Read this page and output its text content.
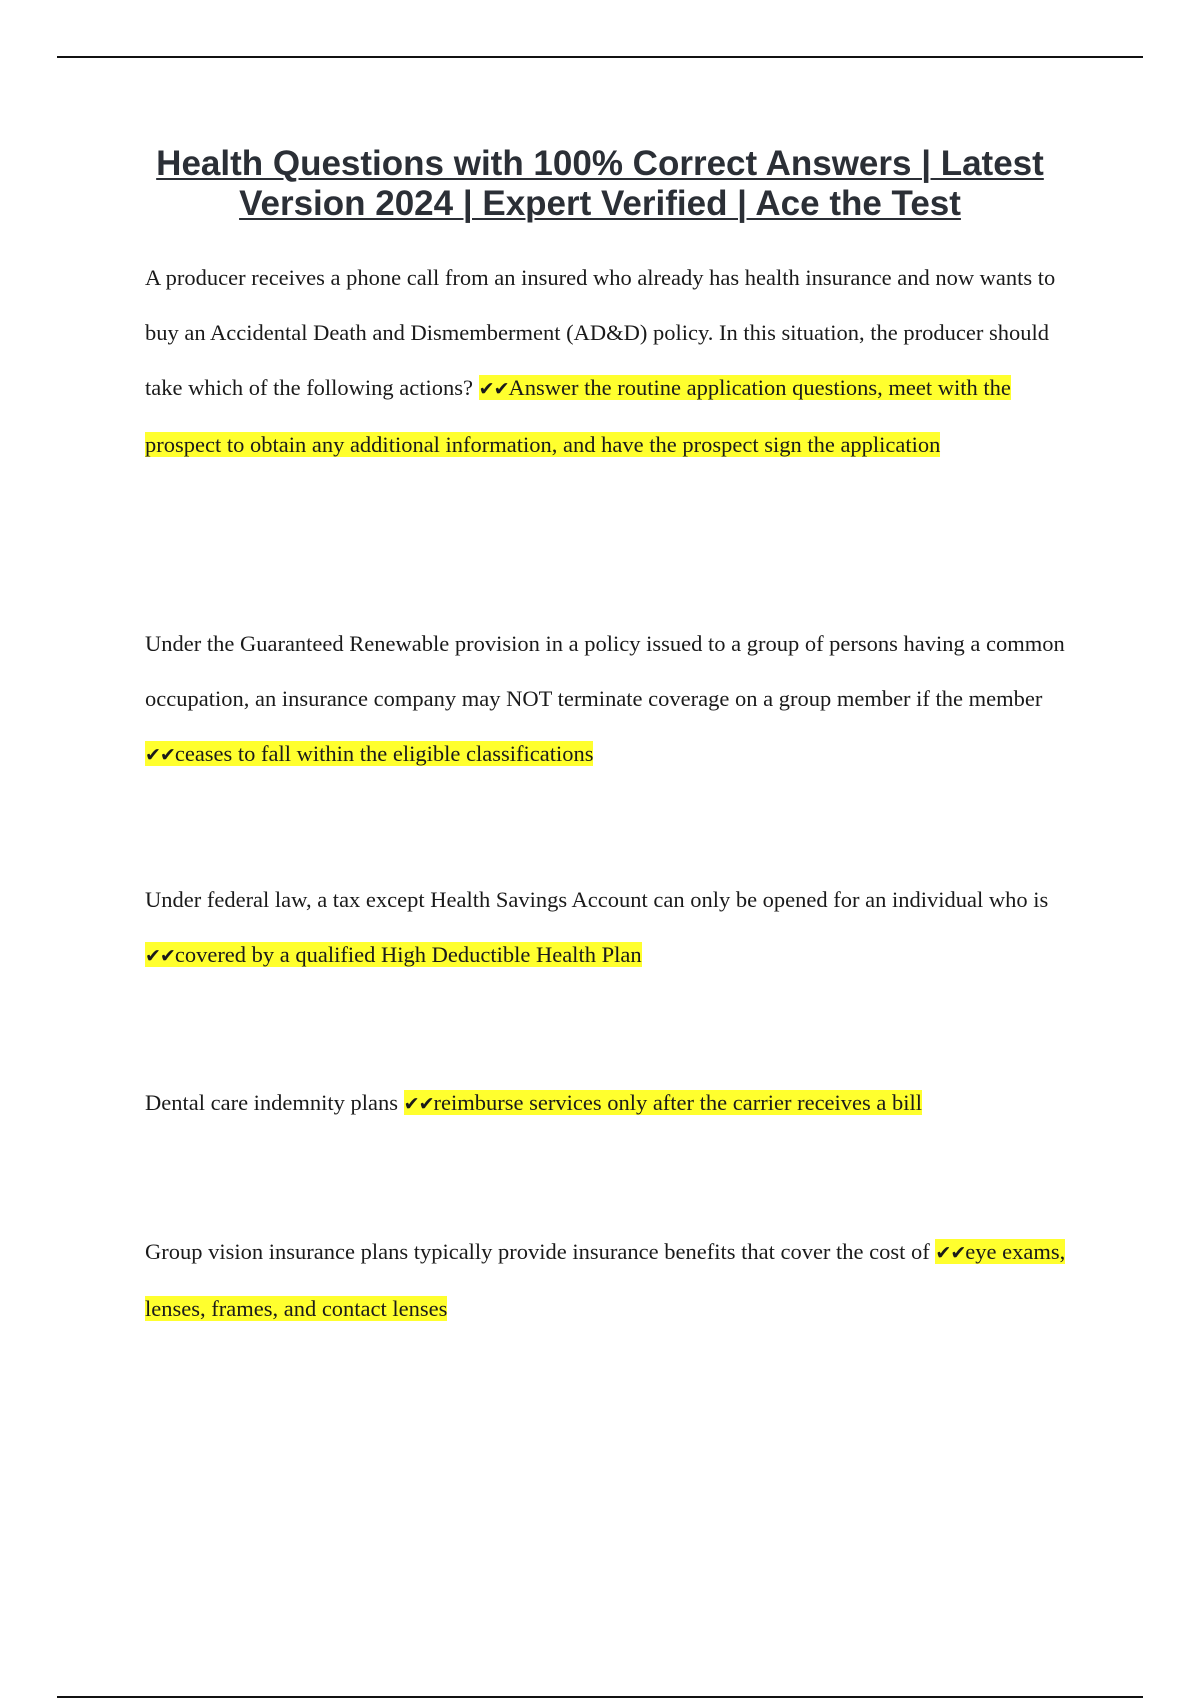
Health Questions with 100% Correct Answers | Latest Version 2024 | Expert Verified | Ace the Test

A producer receives a phone call from an insured who already has health insurance and now wants to buy an Accidental Death and Dismemberment (AD&D) policy. In this situation, the producer should take which of the following actions? ✔✔Answer the routine application questions, meet with the prospect to obtain any additional information, and have the prospect sign the application

Under the Guaranteed Renewable provision in a policy issued to a group of persons having a common occupation, an insurance company may NOT terminate coverage on a group member if the member ✔✔ceases to fall within the eligible classifications

Under federal law, a tax except Health Savings Account can only be opened for an individual who is ✔✔covered by a qualified High Deductible Health Plan

Dental care indemnity plans ✔✔reimburse services only after the carrier receives a bill

Group vision insurance plans typically provide insurance benefits that cover the cost of ✔✔eye exams, lenses, frames, and contact lenses
